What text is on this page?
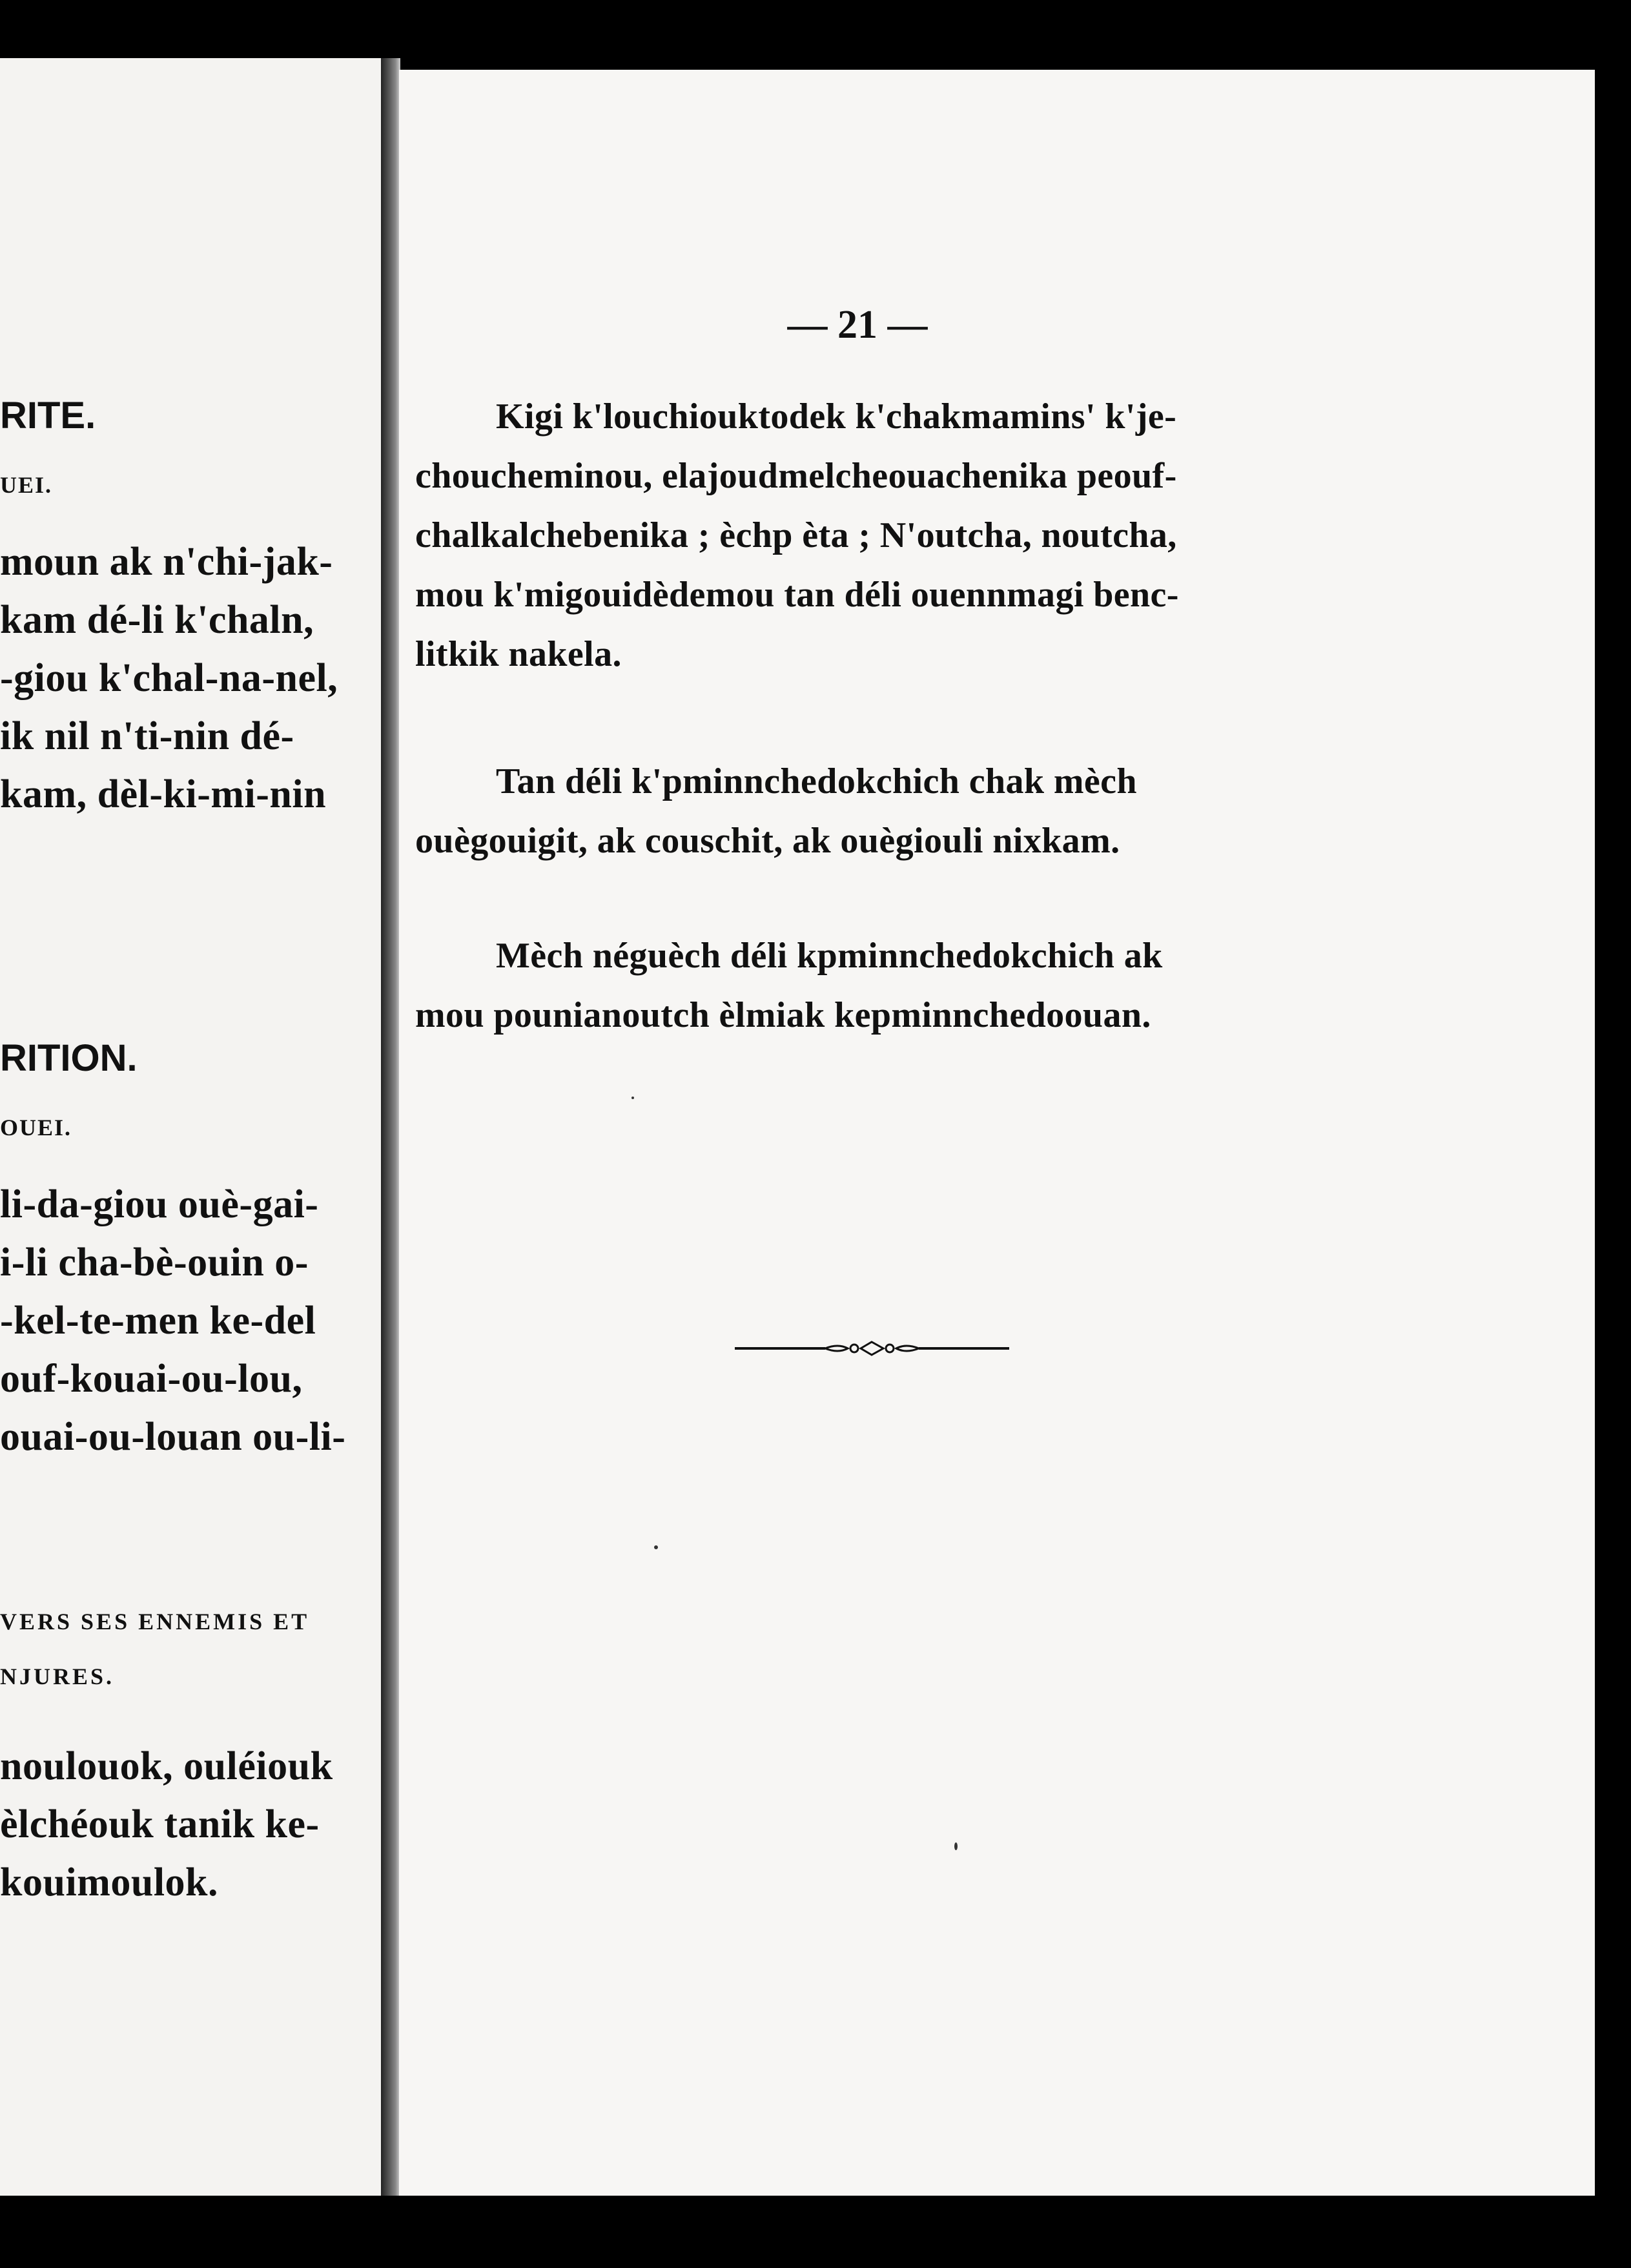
RITE.
UEI.
moun ak n'chi-jak-
kam dé-li k'chaln,
-giou k'chal-na-nel,
ik nil n'ti-nin dé-
kam, dèl-ki-mi-nin
RITION.
OUEI.
li-da-giou ouè-gai-
i-li cha-bè-ouin o-
-kel-te-men ke-del
ouf-kouai-ou-lou,
ouai-ou-louan ou-li-
VERS SES ENNEMIS ET
NJURES.
noulouok, ouléiouk
èlchéouk tanik ke-
kouimoulok.
— 21 —
Kigi k'louchiouktodek k'chakmamins' k'je-
choucheminou, elajoudmelcheouachenika peouf-
chalkalchebenika ; èchp èta ; N'outcha, noutcha,
mou k'migouidèdemou tan déli ouennmagi benc-
litkik nakela.
Tan déli k'pminnchedokchich chak mèch
ouègouigit, ak couschit, ak ouègiouli nixkam.
Mèch néguèch déli kpminnchedokchich ak
mou pounianoutch èlmiak kepminnchedoouan.
